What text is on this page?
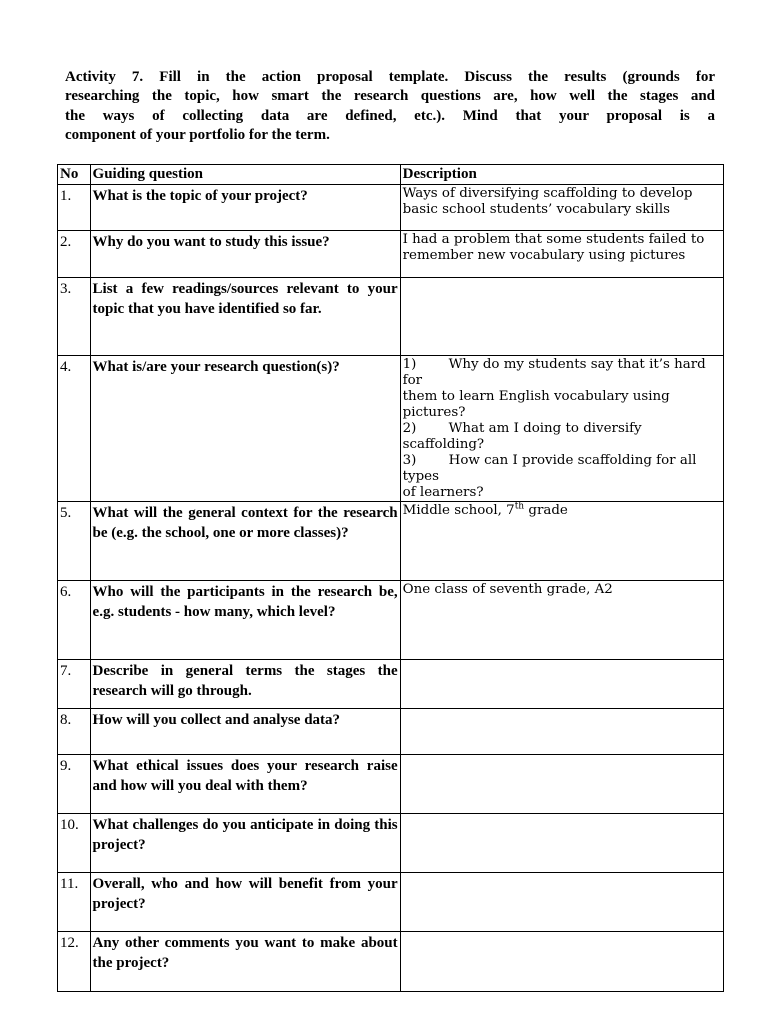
Activity 7. Fill in the action proposal template. Discuss the results (grounds for
researching the topic, how smart the research questions are, how well the stages and
the ways of collecting data are defined, etc.). Mind that your proposal is a
component of your portfolio for the term.
No	Guiding question	Description
1.	What is the topic of your project?	Ways of diversifying scaffolding to develop basic school students’ vocabulary skills
2.	Why do you want to study this issue?	I had a problem that some students failed to remember new vocabulary using pictures
3.	List a few readings/sources relevant to your topic that you have identified so far.	
4.	What is/are your research question(s)?	1) Why do my students say that it’s hard for
them to learn English vocabulary using pictures?
2) What am I doing to diversify scaffolding?
3) How can I provide scaffolding for all types
of learners?

5.	What will the general context for the research be (e.g. the school, one or more classes)?	Middle school, 7th grade
6.	Who will the participants in the research be, e.g. students - how many, which level?	One class of seventh grade, A2
7.	Describe in general terms the stages the research will go through.	
8.	How will you collect and analyse data?	
9.	What ethical issues does your research raise and how will you deal with them?	
10.	What challenges do you anticipate in doing this project?	
11.	Overall, who and how will benefit from your project?	
12.	Any other comments you want to make about the project?	
